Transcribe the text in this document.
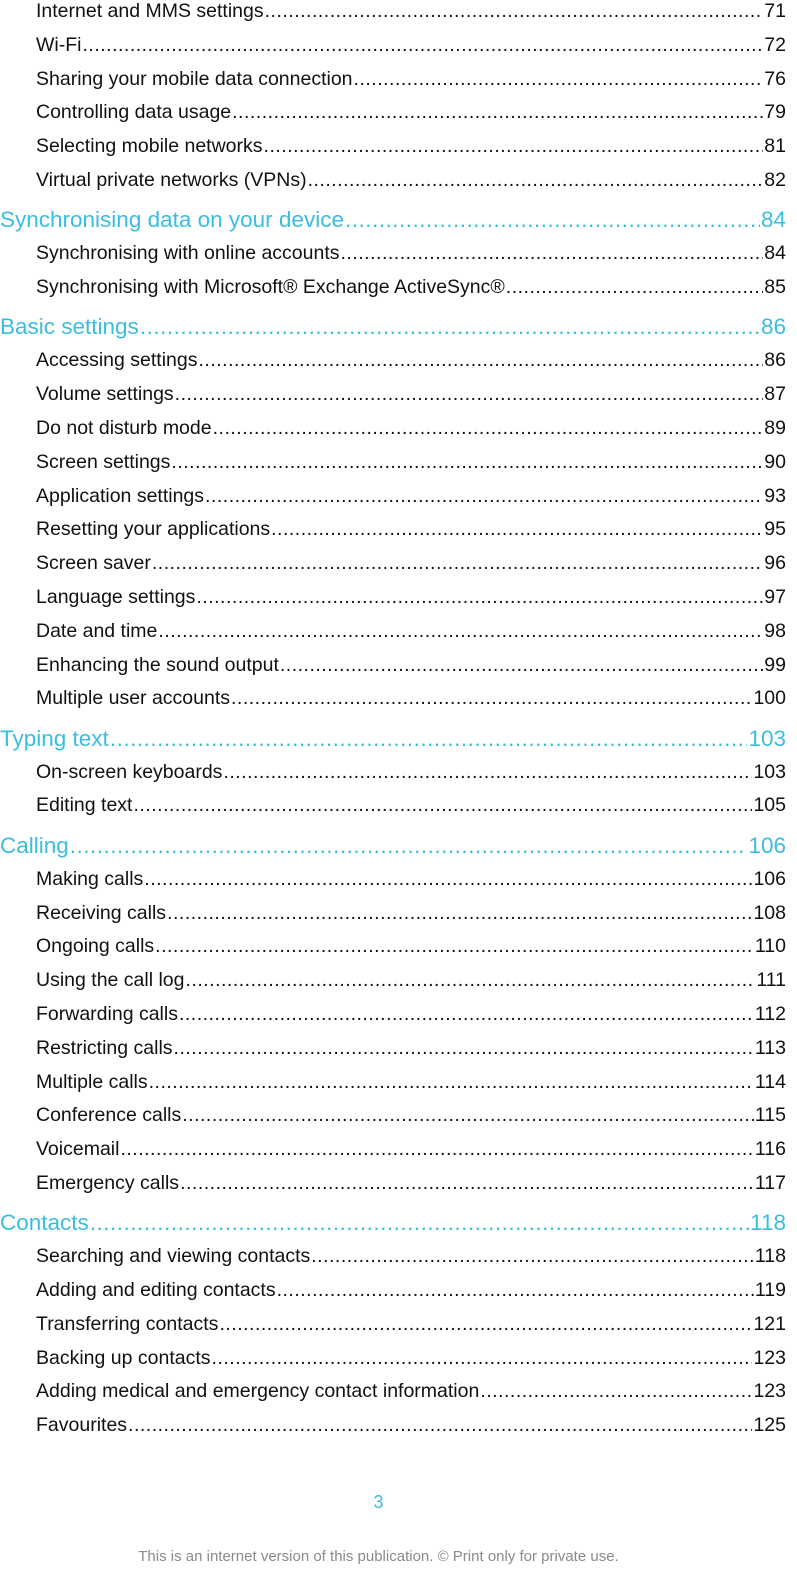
Internet and MMS settings .....	71
Wi-Fi .....	72
Sharing your mobile data connection .....	76
Controlling data usage .....	79
Selecting mobile networks .....	81
Virtual private networks (VPNs) .....	82
Synchronising data on your device .....	84
Synchronising with online accounts .....	84
Synchronising with Microsoft® Exchange ActiveSync® .....	85
Basic settings .....	86
Accessing settings .....	86
Volume settings .....	87
Do not disturb mode .....	89
Screen settings .....	90
Application settings .....	93
Resetting your applications .....	95
Screen saver .....	96
Language settings .....	97
Date and time .....	98
Enhancing the sound output .....	99
Multiple user accounts .....	100
Typing text .....	103
On-screen keyboards .....	103
Editing text .....	105
Calling .....	106
Making calls .....	106
Receiving calls .....	108
Ongoing calls .....	110
Using the call log .....	111
Forwarding calls .....	112
Restricting calls .....	113
Multiple calls .....	114
Conference calls .....	115
Voicemail .....	116
Emergency calls .....	117
Contacts .....	118
Searching and viewing contacts .....	118
Adding and editing contacts .....	119
Transferring contacts .....	121
Backing up contacts .....	123
Adding medical and emergency contact information .....	123
Favourites .....	125
3
This is an internet version of this publication. © Print only for private use.
